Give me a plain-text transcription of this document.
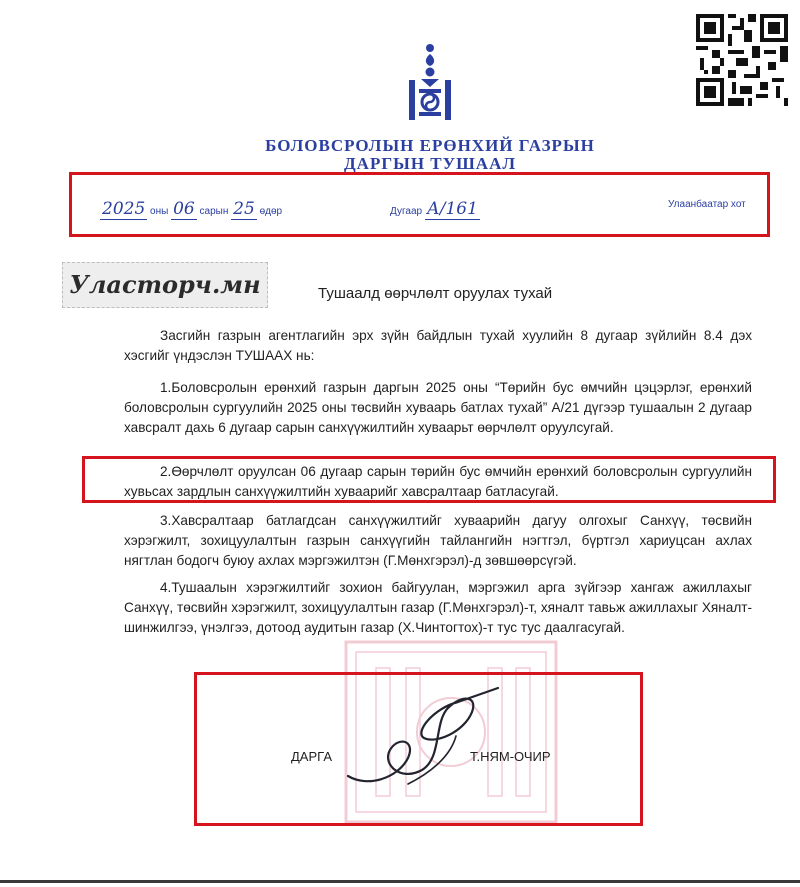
БОЛОВСРОЛЫН ЕРӨНХИЙ ГАЗРЫН
ДАРГЫН ТУШААЛ
2025 оны 06 сарын 25 өдөр	Дугаар А/161	Улаанбаатар хот
Уласторч.мн	Тушаалд өөрчлөлт оруулах тухай

Засгийн газрын агентлагийн эрх зүйн байдлын тухай хуулийн 8 дугаар зүйлийн 8.4 дэх хэсгийг үндэслэн ТУШААХ нь:

1.Боловсролын ерөнхий газрын даргын 2025 оны “Төрийн бус өмчийн цэцэрлэг, ерөнхий боловсролын сургуулийн 2025 оны төсвийн хуваарь батлах тухай” А/21 дүгээр тушаалын 2 дугаар хавсралт дахь 6 дугаар сарын санхүүжилтийн хуваарьт өөрчлөлт оруулсугай.

2.Өөрчлөлт оруулсан 06 дугаар сарын төрийн бус өмчийн ерөнхий боловсролын сургуулийн хувьсах зардлын санхүүжилтийн хуваарийг хавсралтаар батласугай.

3.Хавсралтаар батлагдсан санхүүжилтийг хуваарийн дагуу олгохыг Санхүү, төсвийн хэрэгжилт, зохицуулалтын газрын санхүүгийн тайлангийн нэгтгэл, бүртгэл хариуцсан ахлах нягтлан бодогч буюу ахлах мэргэжилтэн (Г.Мөнхгэрэл)-д зөвшөөрсүгэй.

4.Тушаалын хэрэгжилтийг зохион байгуулан, мэргэжил арга зүйгээр хангаж ажиллахыг Санхүү, төсвийн хэрэгжилт, зохицуулалтын газар (Г.Мөнхгэрэл)-т, хяналт тавьж ажиллахыг Хяналт-шинжилгээ, үнэлгээ, дотоод аудитын газар (Х.Чинтогтох)-т тус тус даалгасугай.

ДАРГА	Т.НЯМ-ОЧИР
